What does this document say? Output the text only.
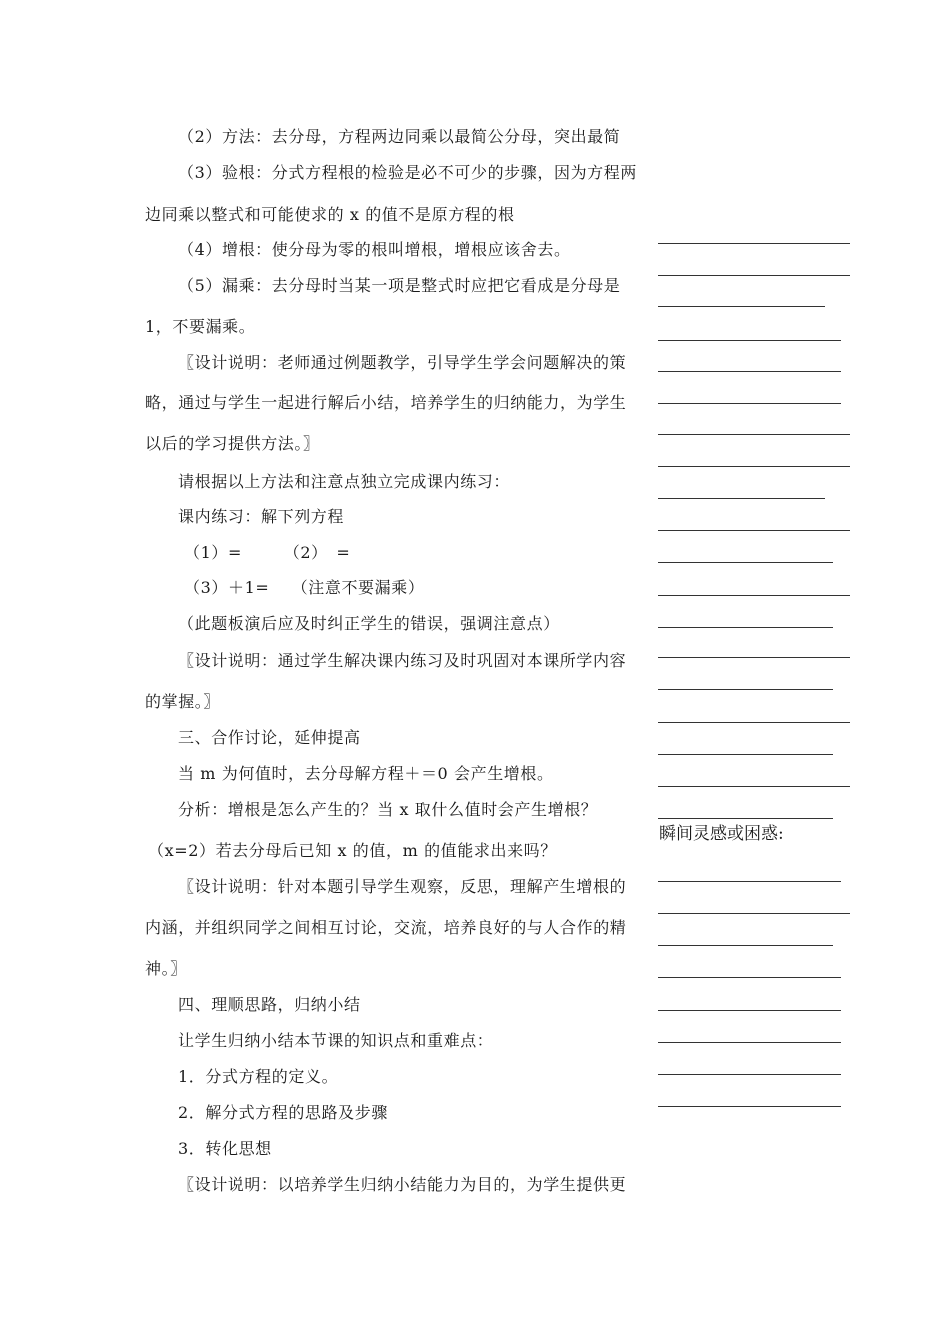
（2）方法：去分母，方程两边同乘以最简公分母，突出最简
（3）验根：分式方程根的检验是必不可少的步骤，因为方程两
边同乘以整式和可能使求的 x 的值不是原方程的根
（4）增根：使分母为零的根叫增根，增根应该舍去。
（5）漏乘：去分母时当某一项是整式时应把它看成是分母是
1，不要漏乘。
〖设计说明：老师通过例题教学，引导学生学会问题解决的策
略，通过与学生一起进行解后小结，培养学生的归纳能力，为学生
以后的学习提供方法。〗
请根据以上方法和注意点独立完成课内练习：
课内练习：解下列方程
（1）=　　　（2）　=
（3）＋1=　 （注意不要漏乘）
（此题板演后应及时纠正学生的错误，强调注意点）
〖设计说明：通过学生解决课内练习及时巩固对本课所学内容
的掌握。〗
三、合作讨论，延伸提高
当 m 为何值时，去分母解方程＋＝0 会产生增根。
分析：增根是怎么产生的？当 x 取什么值时会产生增根？
（x=2）若去分母后已知 x 的值，m 的值能求出来吗？
〖设计说明：针对本题引导学生观察，反思，理解产生增根的
内涵，并组织同学之间相互讨论，交流，培养良好的与人合作的精
神。〗
四、理顺思路，归纳小结
让学生归纳小结本节课的知识点和重难点：
1．分式方程的定义。
2．解分式方程的思路及步骤
3．转化思想
〖设计说明：以培养学生归纳小结能力为目的，为学生提供更
瞬间灵感或困惑:
